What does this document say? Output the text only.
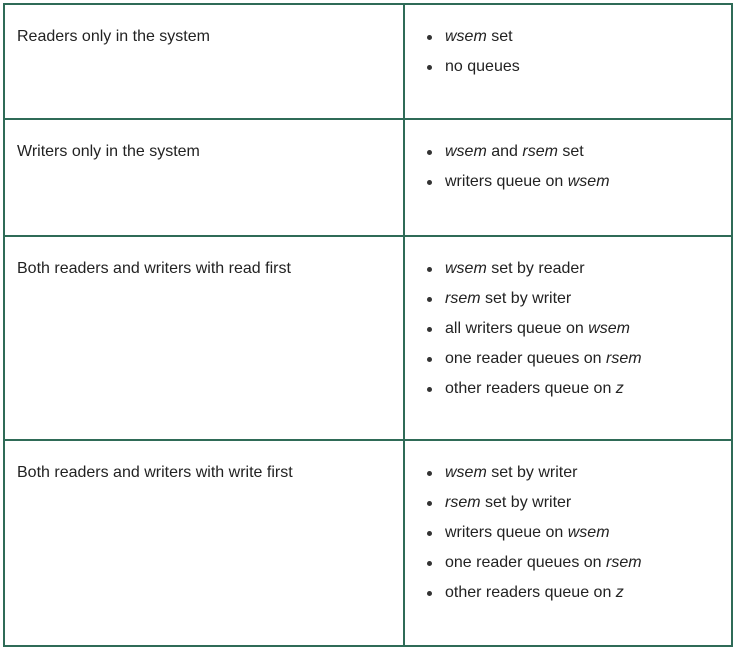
Readers only in the system	wsem set
no queues
Writers only in the system	wsem and rsem set
writers queue on wsem
Both readers and writers with read first	wsem set by reader
rsem set by writer
all writers queue on wsem
one reader queues on rsem
other readers queue on z
Both readers and writers with write first	wsem set by writer
rsem set by writer
writers queue on wsem
one reader queues on rsem
other readers queue on z
